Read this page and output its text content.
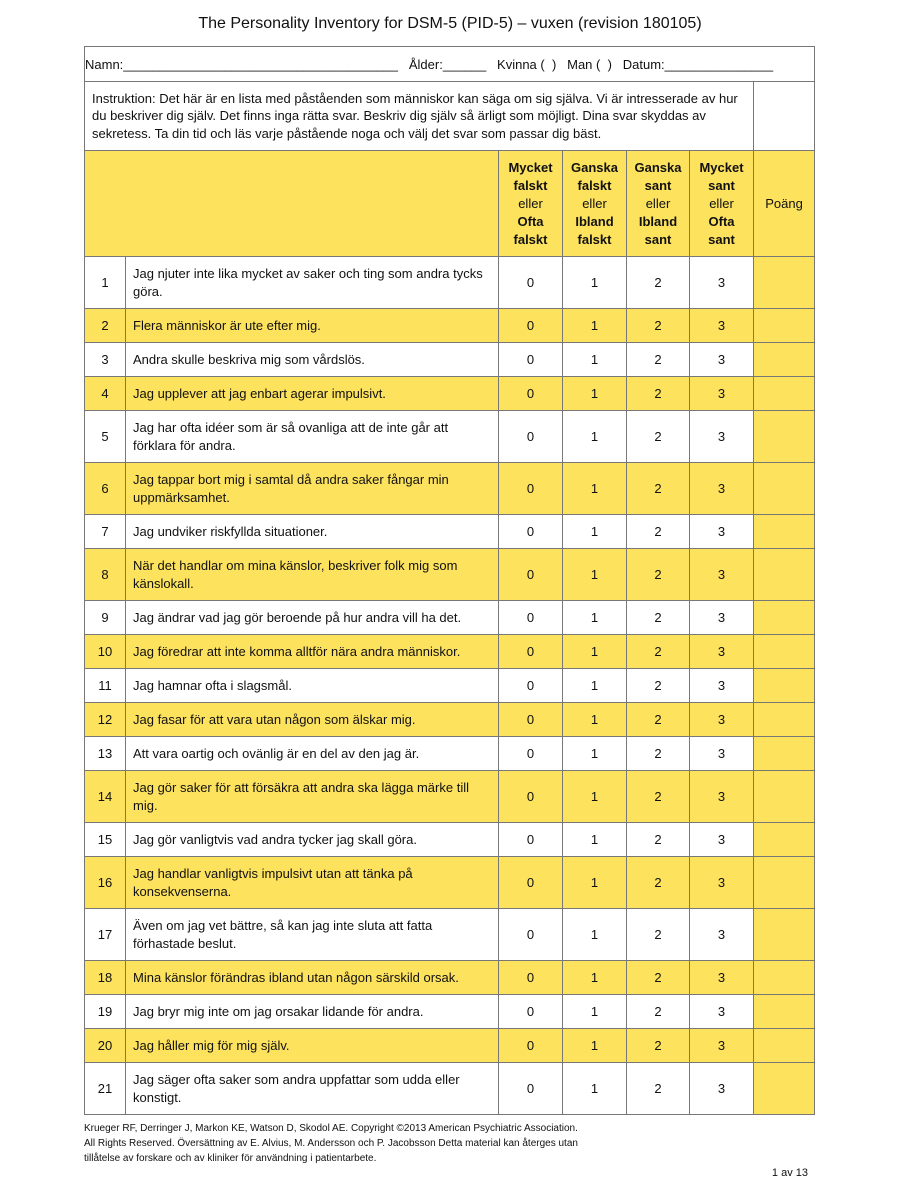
The Personality Inventory for DSM-5 (PID-5) – vuxen (revision 180105)
Namn:______________________________________   Ålder:______   Kvinna (  )   Man (  )   Datum:_______________						
Instruktion: Det här är en lista med påståenden som människor kan säga om sig själva. Vi är intresserade av hur du beskriver dig själv. Det finns inga rätta svar. Beskriv dig själv så ärligt som möjligt. Dina svar skyddas av sekretess. Ta din tid och läs varje påstående noga och välj det svar som passar dig bäst.						
		Mycket
falskt
eller
Ofta
falskt	Ganska
falskt
eller
Ibland
falskt	Ganska
sant
eller
Ibland
sant	Mycket
sant
eller
Ofta
sant	Poäng
1	Jag njuter inte lika mycket av saker och ting som andra tycks göra.	0	1	2	3	
2	Flera människor är ute efter mig.	0	1	2	3	
3	Andra skulle beskriva mig som vårdslös.	0	1	2	3	
4	Jag upplever att jag enbart agerar impulsivt.	0	1	2	3	
5	Jag har ofta idéer som är så ovanliga att de inte går att förklara för andra.	0	1	2	3	
6	Jag tappar bort mig i samtal då andra saker fångar min uppmärksamhet.	0	1	2	3	
7	Jag undviker riskfyllda situationer.	0	1	2	3	
8	När det handlar om mina känslor, beskriver folk mig som känslokall.	0	1	2	3	
9	Jag ändrar vad jag gör beroende på hur andra vill ha det.	0	1	2	3	
10	Jag föredrar att inte komma alltför nära andra människor.	0	1	2	3	
11	Jag hamnar ofta i slagsmål.	0	1	2	3	
12	Jag fasar för att vara utan någon som älskar mig.	0	1	2	3	
13	Att vara oartig och ovänlig är en del av den jag är.	0	1	2	3	
14	Jag gör saker för att försäkra att andra ska lägga märke till mig.	0	1	2	3	
15	Jag gör vanligtvis vad andra tycker jag skall göra.	0	1	2	3	
16	Jag handlar vanligtvis impulsivt utan att tänka på konsekvenserna.	0	1	2	3	
17	Även om jag vet bättre, så kan jag inte sluta att fatta förhastade beslut.	0	1	2	3	
18	Mina känslor förändras ibland utan någon särskild orsak.	0	1	2	3	
19	Jag bryr mig inte om jag orsakar lidande för andra.	0	1	2	3	
20	Jag håller mig för mig själv.	0	1	2	3	
21	Jag säger ofta saker som andra uppfattar som udda eller konstigt.	0	1	2	3	
Krueger RF, Derringer J, Markon KE, Watson D, Skodol AE. Copyright ©2013 American Psychiatric Association.
All Rights Reserved. Översättning av E. Alvius, M. Andersson och P. Jacobsson Detta material kan återges utan
tillåtelse av forskare och av kliniker för användning i patientarbete.
1 av 13
